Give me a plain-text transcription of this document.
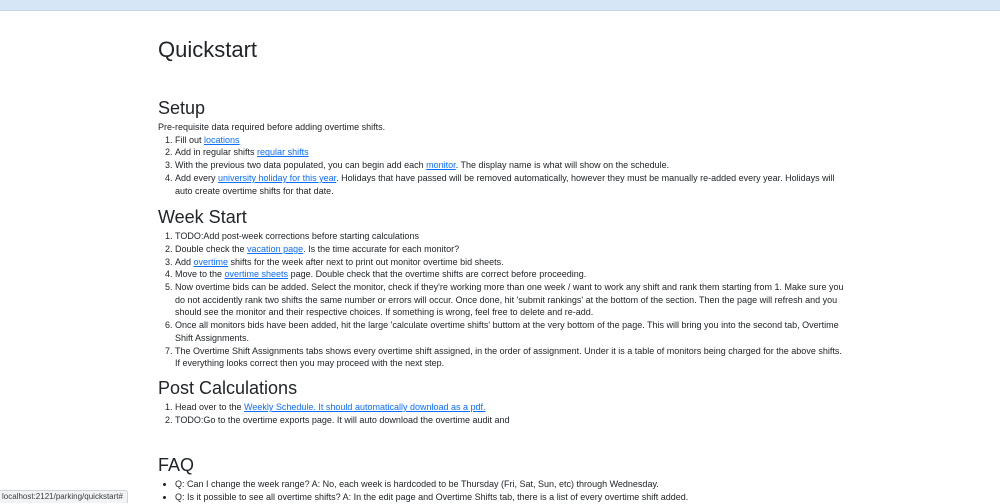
Quickstart
Setup

Pre-requisite data required before adding overtime shifts.

1. Fill out locations
2. Add in regular shifts regular shifts
3. With the previous two data populated, you can begin add each monitor. The display name is what will show on the schedule.
4. Add every university holiday for this year. Holidays that have passed will be removed automatically, however they must be manually re-added every year. Holidays will auto create overtime shifts for that date.
Week Start
1. TODO:Add post-week corrections before starting calculations
2. Double check the vacation page. Is the time accurate for each monitor?
3. Add overtime shifts for the week after next to print out monitor overtime bid sheets.
4. Move to the overtime sheets page. Double check that the overtime shifts are correct before proceeding.
5. Now overtime bids can be added. Select the monitor, check if they're working more than one week / want to work any shift and rank them starting from 1. Make sure you do not accidently rank two shifts the same number or errors will occur. Once done, hit 'submit rankings' at the bottom of the section. Then the page will refresh and you should see the monitor and their respective choices. If something is wrong, feel free to delete and re-add.
6. Once all monitors bids have been added, hit the large 'calculate overtime shifts' buttom at the very bottom of the page. This will bring you into the second tab, Overtime Shift Assignments.
7. The Overtime Shift Assignments tabs shows every overtime shift assigned, in the order of assignment. Under it is a table of monitors being charged for the above shifts. If everything looks correct then you may proceed with the next step.
Post Calculations
1. Head over to the Weekly Schedule. It should automatically download as a pdf.
2. TODO:Go to the overtime exports page. It will auto download the overtime audit and
FAQ
• Q: Can I change the week range? A: No, each week is hardcoded to be Thursday (Fri, Sat, Sun, etc) through Wednesday.
• Q: Is it possible to see all overtime shifts? A: In the edit page and Overtime Shifts tab, there is a list of every overtime shift added.
localhost:2121/parking/quickstart#
